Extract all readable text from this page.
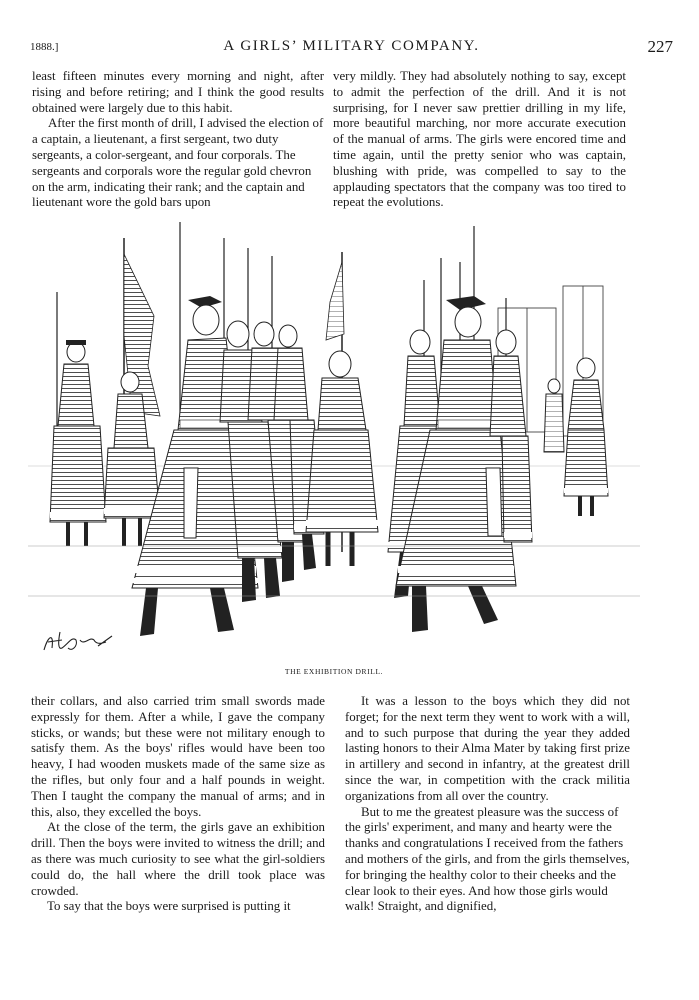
1888.]	A GIRLS’ MILITARY COMPANY.	227

least fifteen minutes every morning and night, after rising and before retiring; and I think the good results obtained were largely due to this habit.

After the first month of drill, I advised the election of a captain, a lieutenant, a first sergeant, two duty sergeants, a color-sergeant, and four corporals. The sergeants and corporals wore the regular gold chevron on the arm, indicating their rank; and the captain and lieutenant wore the gold bars upon

very mildly. They had absolutely nothing to say, except to admit the perfection of the drill. And it is not surprising, for I never saw prettier drilling in my life, more beautiful marching, nor more accurate execution of the manual of arms. The girls were encored time and time again, until the pretty senior who was captain, blushing with pride, was compelled to say to the applauding spectators that the company was too tired to repeat the evolutions.

THE EXHIBITION DRILL.

their collars, and also carried trim small swords made expressly for them. After a while, I gave the company sticks, or wands; but these were not military enough to satisfy them. As the boys' rifles would have been too heavy, I had wooden muskets made of the same size as the rifles, but only four and a half pounds in weight. Then I taught the company the manual of arms; and in this, also, they excelled the boys.

At the close of the term, the girls gave an exhibition drill. Then the boys were invited to witness the drill; and as there was much curiosity to see what the girl-soldiers could do, the hall where the drill took place was crowded.

To say that the boys were surprised is putting it

It was a lesson to the boys which they did not forget; for the next term they went to work with a will, and to such purpose that during the year they added lasting honors to their Alma Mater by taking first prize in artillery and second in infantry, at the greatest drill since the war, in competition with the crack militia organizations from all over the country.

But to me the greatest pleasure was the success of the girls' experiment, and many and hearty were the thanks and congratulations I received from the fathers and mothers of the girls, and from the girls themselves, for bringing the healthy color to their cheeks and the clear look to their eyes. And how those girls would walk! Straight, and dignified,
